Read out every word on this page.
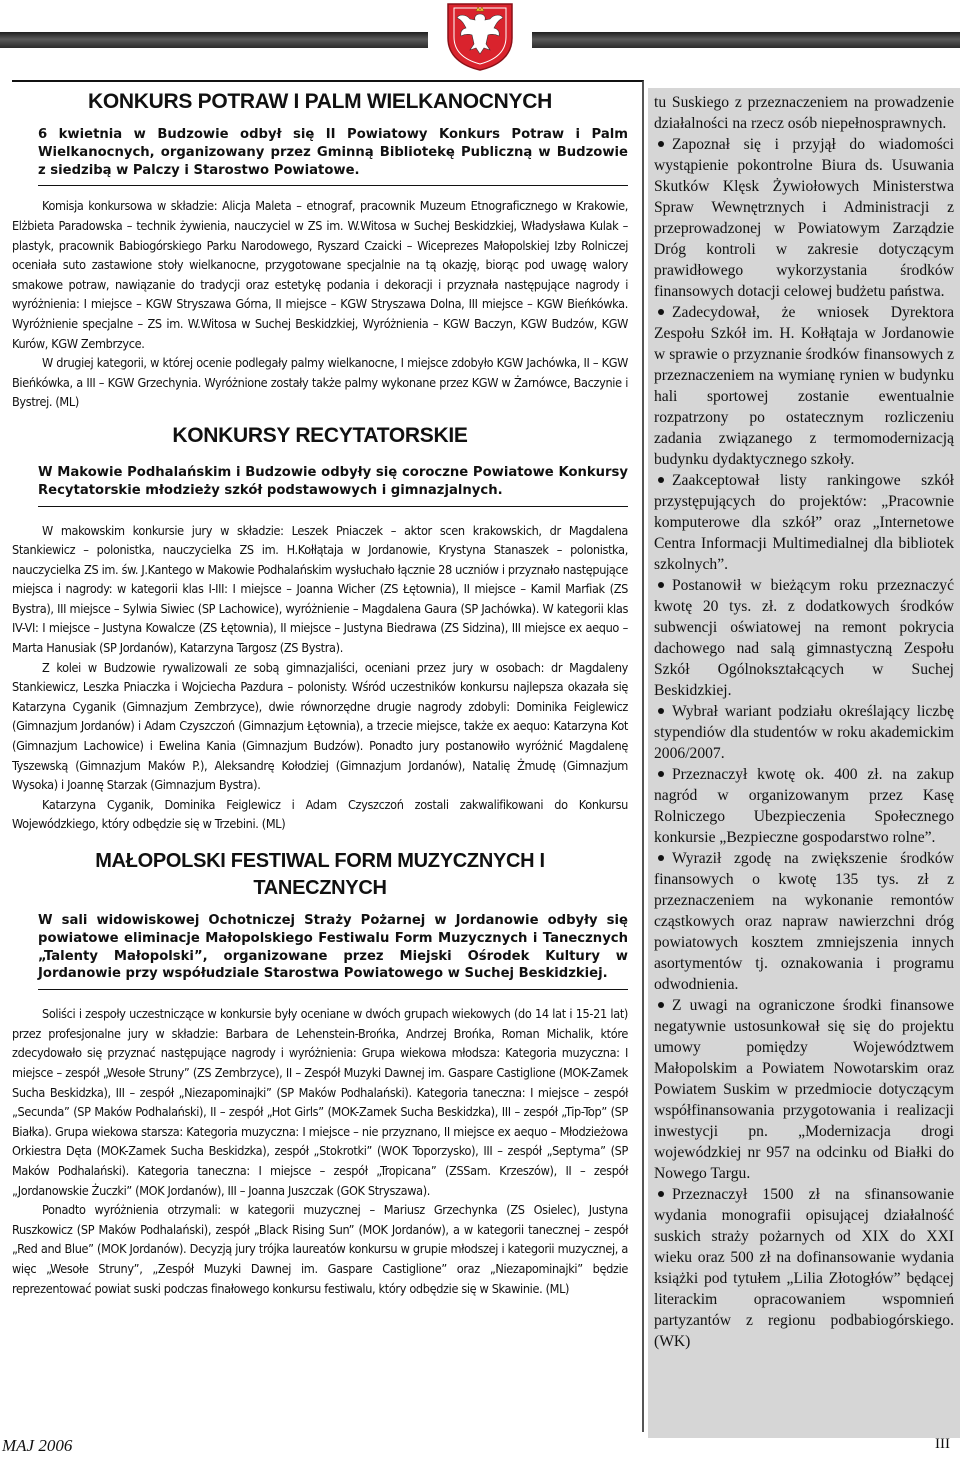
KONKURS POTRAW I PALM WIELKANOCNYCH

6 kwietnia w Budzowie odbył się II Powiatowy Konkurs Potraw i Palm Wielkanocnych, organizowany przez Gminną Bibliotekę Publiczną w Budzowie z siedzibą w Palczy i Starostwo Powiatowe.

Komisja konkursowa w składzie: Alicja Maleta – etnograf, pracownik Muzeum Etnograficznego w Krakowie, Elżbieta Paradowska – technik żywienia, nauczyciel w ZS im. W.Witosa w Suchej Beskidzkiej, Władysława Kulak – plastyk, pracownik Babiogórskiego Parku Narodowego, Ryszard Czaicki – Wiceprezes Małopolskiej Izby Rolniczej oceniała suto zastawione stoły wielkanocne, przygotowane specjalnie na tą okazję, biorąc pod uwagę walory smakowe potraw, nawiązanie do tradycji oraz estetykę podania i dekoracji i przyznała następujące nagrody i wyróżnienia: I miejsce – KGW Stryszawa Górna, II miejsce – KGW Stryszawa Dolna, III miejsce – KGW Bieńkówka. Wyróżnienie specjalne – ZS im. W.Witosa w Suchej Beskidzkiej, Wyróżnienia – KGW Baczyn, KGW Budzów, KGW Kurów, KGW Zembrzyce.

W drugiej kategorii, w której ocenie podlegały palmy wielkanocne, I miejsce zdobyło KGW Jachówka, II – KGW Bieńkówka, a III – KGW Grzechynia. Wyróżnione zostały także palmy wykonane przez KGW w Żarnówce, Baczynie i Bystrej. (ML)

KONKURSY RECYTATORSKIE

W Makowie Podhalańskim i Budzowie odbyły się coroczne Powiatowe Konkursy Recytatorskie młodzieży szkół podstawowych i gimnazjalnych.

W makowskim konkursie jury w składzie: Leszek Pniaczek – aktor scen krakowskich, dr Magdalena Stankiewicz – polonistka, nauczycielka ZS im. H.Kołłątaja w Jordanowie, Krystyna Stanaszek – polonistka, nauczycielka ZS im. św. J.Kantego w Makowie Podhalańskim wysłuchało łącznie 28 uczniów i przyznało następujące miejsca i nagrody: w kategorii klas I-III: I miejsce – Joanna Wicher (ZS Łętownia), II miejsce – Kamil Marfiak (ZS Bystra), III miejsce – Sylwia Siwiec (SP Lachowice), wyróżnienie – Magdalena Gaura (SP Jachówka). W kategorii klas IV-VI: I miejsce – Justyna Kowalcze (ZS Łętownia), II miejsce – Justyna Biedrawa (ZS Sidzina), III miejsce ex aequo – Marta Hanusiak (SP Jordanów), Katarzyna Targosz (ZS Bystra).

Z kolei w Budzowie rywalizowali ze sobą gimnazjaliści, oceniani przez jury w osobach: dr Magdaleny Stankiewicz, Leszka Pniaczka i Wojciecha Pazdura – polonisty. Wśród uczestników konkursu najlepsza okazała się Katarzyna Cyganik (Gimnazjum Zembrzyce), dwie równorzędne drugie nagrody zdobyli: Dominika Feiglewicz (Gimnazjum Jordanów) i Adam Czyszczoń (Gimnazjum Łętownia), a trzecie miejsce, także ex aequo: Katarzyna Kot (Gimnazjum Lachowice) i Ewelina Kania (Gimnazjum Budzów). Ponadto jury postanowiło wyróżnić Magdalenę Tyszewską (Gimnazjum Maków P.), Aleksandrę Kołodziej (Gimnazjum Jordanów), Natalię Żmudę (Gimnazjum Wysoka) i Joannę Starzak (Gimnazjum Bystra).

Katarzyna Cyganik, Dominika Feiglewicz i Adam Czyszczoń zostali zakwalifikowani do Konkursu Wojewódzkiego, który odbędzie się w Trzebini. (ML)

MAŁOPOLSKI FESTIWAL FORM MUZYCZNYCH I
TANECZNYCH

W sali widowiskowej Ochotniczej Straży Pożarnej w Jordanowie odbyły się powiatowe eliminacje Małopolskiego Festiwalu Form Muzycznych i Tanecznych „Talenty Małopolski”, organizowane przez Miejski Ośrodek Kultury w Jordanowie przy współudziale Starostwa Powiatowego w Suchej Beskidzkiej.

Soliści i zespoły uczestniczące w konkursie były oceniane w dwóch grupach wiekowych (do 14 lat i 15-21 lat) przez profesjonalne jury w składzie: Barbara de Lehenstein-Brońka, Andrzej Brońka, Roman Michalik, które zdecydowało się przyznać następujące nagrody i wyróżnienia: Grupa wiekowa młodsza: Kategoria muzyczna: I miejsce – zespół „Wesołe Struny” (ZS Zembrzyce), II – Zespół Muzyki Dawnej im. Gaspare Castiglione (MOK-Zamek Sucha Beskidzka), III – zespół „Niezapominajki” (SP Maków Podhalański). Kategoria taneczna: I miejsce – zespół „Secunda” (SP Maków Podhalański), II – zespół „Hot Girls” (MOK-Zamek Sucha Beskidzka), III – zespół „Tip-Top” (SP Białka). Grupa wiekowa starsza: Kategoria muzyczna: I miejsce – nie przyznano, II miejsce ex aequo – Młodzieżowa Orkiestra Dęta (MOK-Zamek Sucha Beskidzka), zespół „Stokrotki” (WOK Toporzysko), III – zespół „Septyma” (SP Maków Podhalański). Kategoria taneczna: I miejsce – zespół „Tropicana” (ZSSam. Krzeszów), II – zespół „Jordanowskie Żuczki” (MOK Jordanów), III – Joanna Juszczak (GOK Stryszawa).

Ponadto wyróżnienia otrzymali: w kategorii muzycznej – Mariusz Grzechynka (ZS Osielec), Justyna Ruszkowicz (SP Maków Podhalański), zespół „Black Rising Sun” (MOK Jordanów), a w kategorii tanecznej – zespół „Red and Blue” (MOK Jordanów). Decyzją jury trójka laureatów konkursu w grupie młodszej i kategorii muzycznej, a więc „Wesołe Struny”, „Zespół Muzyki Dawnej im. Gaspare Castiglione” oraz „Niezapominajki” będzie reprezentować powiat suski podczas finałowego konkursu festiwalu, który odbędzie się w Skawinie. (ML)

tu Suskiego z przeznaczeniem na prowadzenie działalności na rzecz osób niepełnosprawnych.

Zapoznał się i przyjął do wiadomości wystąpienie pokontrolne Biura ds. Usuwania Skutków Klęsk Żywiołowych Ministerstwa Spraw Wewnętrznych i Administracji z przeprowadzonej w Powiatowym Zarządzie Dróg kontroli w zakresie dotyczącym prawidłowego wykorzystania środków finansowych dotacji celowej budżetu państwa.

Zadecydował, że wniosek Dyrektora Zespołu Szkół im. H. Kołłątaja w Jordanowie w sprawie o przyznanie środków finansowych z przeznaczeniem na wymianę rynien w budynku hali sportowej zostanie ewentualnie rozpatrzony po ostatecznym rozliczeniu zadania związanego z termomodernizacją budynku dydaktycznego szkoły.

Zaakceptował listy rankingowe szkół przystępujących do projektów: „Pracownie komputerowe dla szkół” oraz „Internetowe Centra Informacji Multimedialnej dla bibliotek szkolnych”.

Postanowił w bieżącym roku przeznaczyć kwotę 20 tys. zł. z dodatkowych środków subwencji oświatowej na remont pokrycia dachowego nad salą gimnastyczną Zespołu Szkół Ogólnokształcących w Suchej Beskidzkiej.

Wybrał wariant podziału określający liczbę stypendiów dla studentów w roku akademickim 2006/2007.

Przeznaczył kwotę ok. 400 zł. na zakup nagród w organizowanym przez Kasę Rolniczego Ubezpieczenia Społecznego konkursie „Bezpieczne gospodarstwo rolne”.

Wyraził zgodę na zwiększenie środków finansowych o kwotę 135 tys. zł z przeznaczeniem na wykonanie remontów cząstkowych oraz napraw nawierzchni dróg powiatowych kosztem zmniejszenia innych asortymentów tj. oznakowania i programu odwodnienia.

Z uwagi na ograniczone środki finansowe negatywnie ustosunkował się się do projektu umowy pomiędzy Województwem Małopolskim a Powiatem Nowotarskim oraz Powiatem Suskim w przedmiocie dotyczącym współfinansowania przygotowania i realizacji inwestycji pn. „Modernizacja drogi wojewódzkiej nr 957 na odcinku od Białki do Nowego Targu.

Przeznaczył 1500 zł na sfinansowanie wydania monografii opisującej działalność suskich straży pożarnych od XIX do XXI wieku oraz 500 zł na dofinansowanie wydania książki pod tytułem „Lilia Złotogłów” będącej literackim opracowaniem wspomnień partyzantów z regionu podbabiogórskiego. (WK)

MAJ 2006	III
